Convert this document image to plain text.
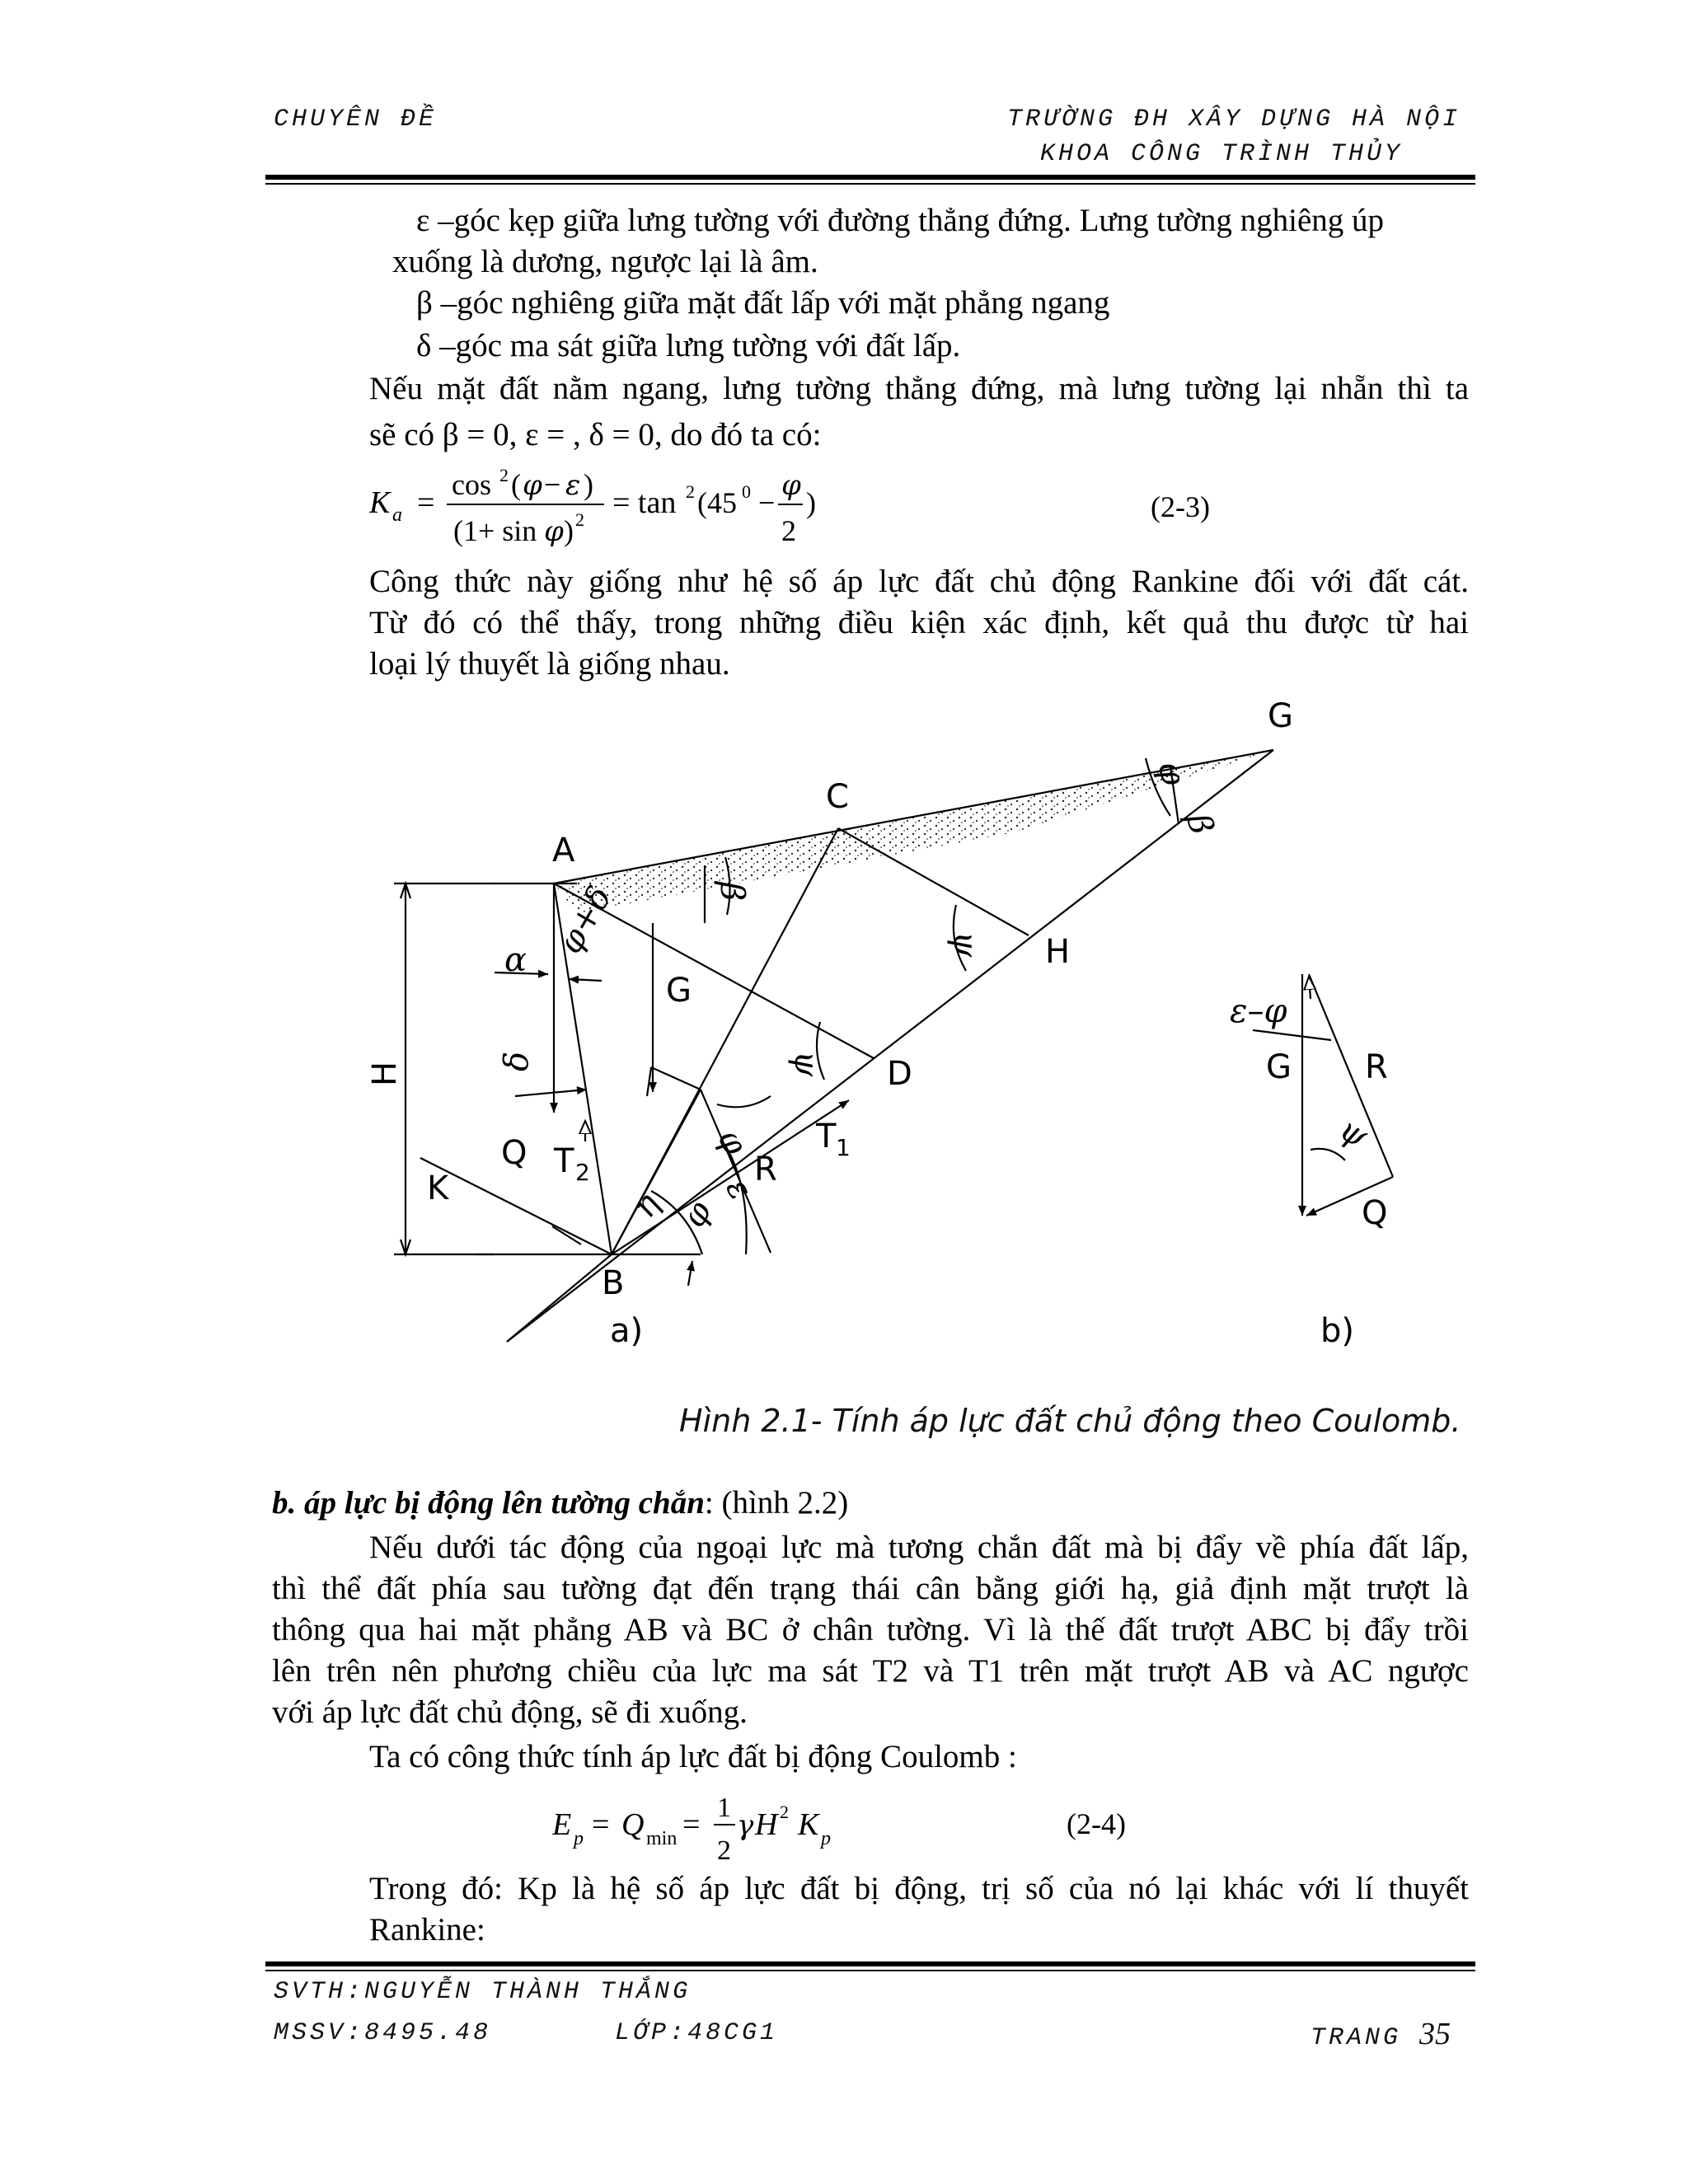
CHUYÊN ĐỀ	TRƯỜNG ĐH XÂY DỰNG HÀ NỘI
KHOA CÔNG TRÌNH THỦY
ε –góc kẹp giữa lưng tường với đường thẳng đứng. Lưng tường nghiêng úp
xuống là dương, ngược lại là âm.
β –góc nghiêng giữa mặt đất lấp với mặt phẳng ngang
δ –góc ma sát giữa lưng tường với đất lấp.
Nếu mặt đất nằm ngang, lưng tường thẳng đứng, mà lưng tường lại nhẵn thì ta
sẽ có β = 0, ε = , δ = 0, do đó ta có:
K a =
cos 2 ( φ − ε )
(1+ sin φ ) 2 = tan 2 (45 0 −
φ
2
)	(2-3)
Công thức này giống như hệ số áp lực đất chủ động Rankine đối với đất cát.
Từ đó có thể thấy, trong những điều kiện xác định, kết quả thu được từ hai
loại lý thuyết là giống nhau.
G
C
A
H
G
D
K
Q	R
T 2
T 1
B
H
α φ+δ	β
ψ
ψ
δ
φ
φ
ε
η
φ
β
a)
ε–φ
G R
Q
ψ
b)
Hình 2.1- Tính áp lực đất chủ động theo Coulomb.
b. áp lực bị động lên tường chắn: (hình 2.2)
Nếu dưới tác động của ngoại lực mà tương chắn đất mà bị đẩy về phía đất lấp,
thì thể đất phía sau tường đạt đến trạng thái cân bằng giới hạ, giả định mặt trượt là
thông qua hai mặt phẳng AB và BC ở chân tường. Vì là thế đất trượt ABC bị đẩy trồi
lên trên nên phương chiều của lực ma sát T2 và T1 trên mặt trượt AB và AC ngược
với áp lực đất chủ động, sẽ đi xuống.
Ta có công thức tính áp lực đất bị động Coulomb :
E p = Q min = 1
2
γ H 2 K p	(2-4)
Trong đó: Kp là hệ số áp lực đất bị động, trị số của nó lại khác với lí thuyết
Rankine:
SVTH:NGUYỄN THÀNH THẮNG
MSSV:8495.48	LỚP:48CG1	TRANG 35
